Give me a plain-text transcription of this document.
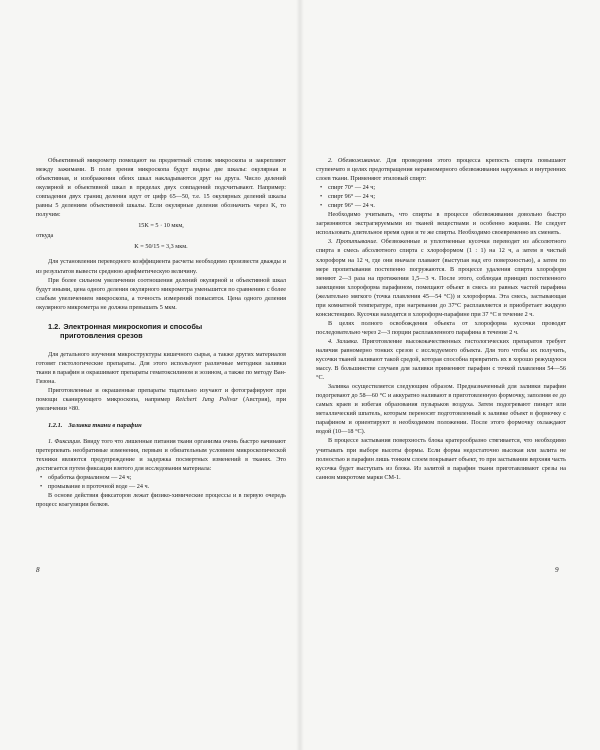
Объективный микрометр помещают на предметный столик микроскопа и закрепляют между зажимами. В поле зрения микроскопа будут видны две шкалы: окулярная и объективная, и изображения обеих шкал накладываются друг на друга. Число делений окулярной и объективной шкал в пределах двух совпадений подсчитывают. Например: совпадения двух границ деления идут от цифр 65—50, т.е. 15 окулярных делений шкалы равны 5 делениям объективной шкалы. Если окулярные деления обозначить через K, то получим:

15K = 5 · 10 мкм,

откуда

K = 50/15 = 3,3 мкм.

Для установления переводного коэффициента расчеты необходимо произвести дважды и из результатов вывести среднюю арифметическую величину.

При более сильном увеличении соотношения делений окулярной и объективной шкал будут иными, цена одного деления окулярного микрометра уменьшится по сравнению с более слабым увеличением микроскопа, а точность измерений повысится. Цена одного деления окулярного микрометра не должна превышать 5 мкм.

1.2. Электронная микроскопия и способы
приготовления срезов

Для детального изучения микроструктуры кишечного сырья, а также других материалов готовят гистологические препараты. Для этого используют различные методики заливки ткани в парафин и окрашивают препараты гематоксилином и эозином, а также по методу Ван-Гизона.

Приготовленные и окрашенные препараты тщательно изучают и фотографируют при помощи сканирующего микроскопа, например Reichert Jung Polivar (Австрия), при увеличении ×80.

1.2.1. Заливка ткани в парафин

1. Фиксация. Ввиду того что лишенные питания ткани организма очень быстро начинают претерпевать необратимые изменения, первым и обязательным условием микроскопической техники являются предупреждение и задержка посмертных изменений в тканях. Это достигается путем фиксации взятого для исследования материала:

• обработка формалином — 24 ч;
• промывание в проточной воде — 24 ч.

В основе действия фиксаторов лежат физико-химические процессы и в первую очередь процесс коагуляции белков.

8

2. Обезвоживание. Для проведения этого процесса крепость спирта повышают ступенчато в целях предотвращения неравномерного обезвоживания наружных и внутренних слоев ткани. Применяют этиловый спирт:

• спирт 70° — 24 ч;
• спирт 96° — 24 ч;
• спирт 96° — 24 ч.

Необходимо учитывать, что спирты в процессе обезвоживания довольно быстро загрязняются экстрагируемыми из тканей веществами и особенно жирами. Не следует использовать длительное время одни и те же спирты. Необходимо своевременно их сменять.

3. Пропитывание. Обезвоженные и уплотненные кусочки переводят из абсолютного спирта в смесь абсолютного спирта с хлороформом (1 : 1) на 12 ч, а затем в чистый хлороформ на 12 ч, где они вначале плавают (выступая над его поверхностью), а затем по мере пропитывания постепенно погружаются. В процессе удаления спирта хлороформ меняют 2—3 раза на протяжении 1,5—3 ч. После этого, соблюдая принцип постепенного замещения хлороформа парафином, помещают объект в смесь из равных частей парафина (желательно мягкого (точка плавления 45—54 °С)) и хлороформа. Эта смесь, застывающая при комнатной температуре, при нагревании до 37°С расплавляется и приобретает жидкую консистенцию. Кусочки находятся в хлороформ-парафине при 37 °С в течение 2 ч.

В целях полного освобождения объекта от хлороформа кусочки проводят последовательно через 2—3 порции расплавленного парафина в течение 2 ч.

4. Заливка. Приготовление высококачественных гистологических препаратов требует наличия равномерно тонких срезов с исследуемого объекта. Для того чтобы их получить, кусочки тканей заливают такой средой, которая способна превратить их в хорошо режущуюся массу. В большинстве случаев для заливки применяют парафин с точкой плавления 54—56 °С.

Заливка осуществляется следующим образом. Предназначенный для заливки парафин подогревают до 58—60 °С и аккуратно наливают в приготовленную формочку, заполняя ее до самых краев и избегая образования пузырьков воздуха. Затем подогревают пинцет или металлический шпатель, которым переносят подготовленный к заливке объект в формочку с парафином и ориентируют в необходимом положении. После этого формочку охлаждают водой (10—18 °С).

В процессе застывания поверхность блока кратерообразно стягивается, что необходимо учитывать при выборе высоты формы. Если форма недостаточно высокая или залита не полностью и парафин лишь тонким слоем покрывает объект, то при застывании верхняя часть кусочка будет выступать из блока. Из залитой в парафин ткани приготавливают срезы на санном микротоме марки СМ-1.

9
